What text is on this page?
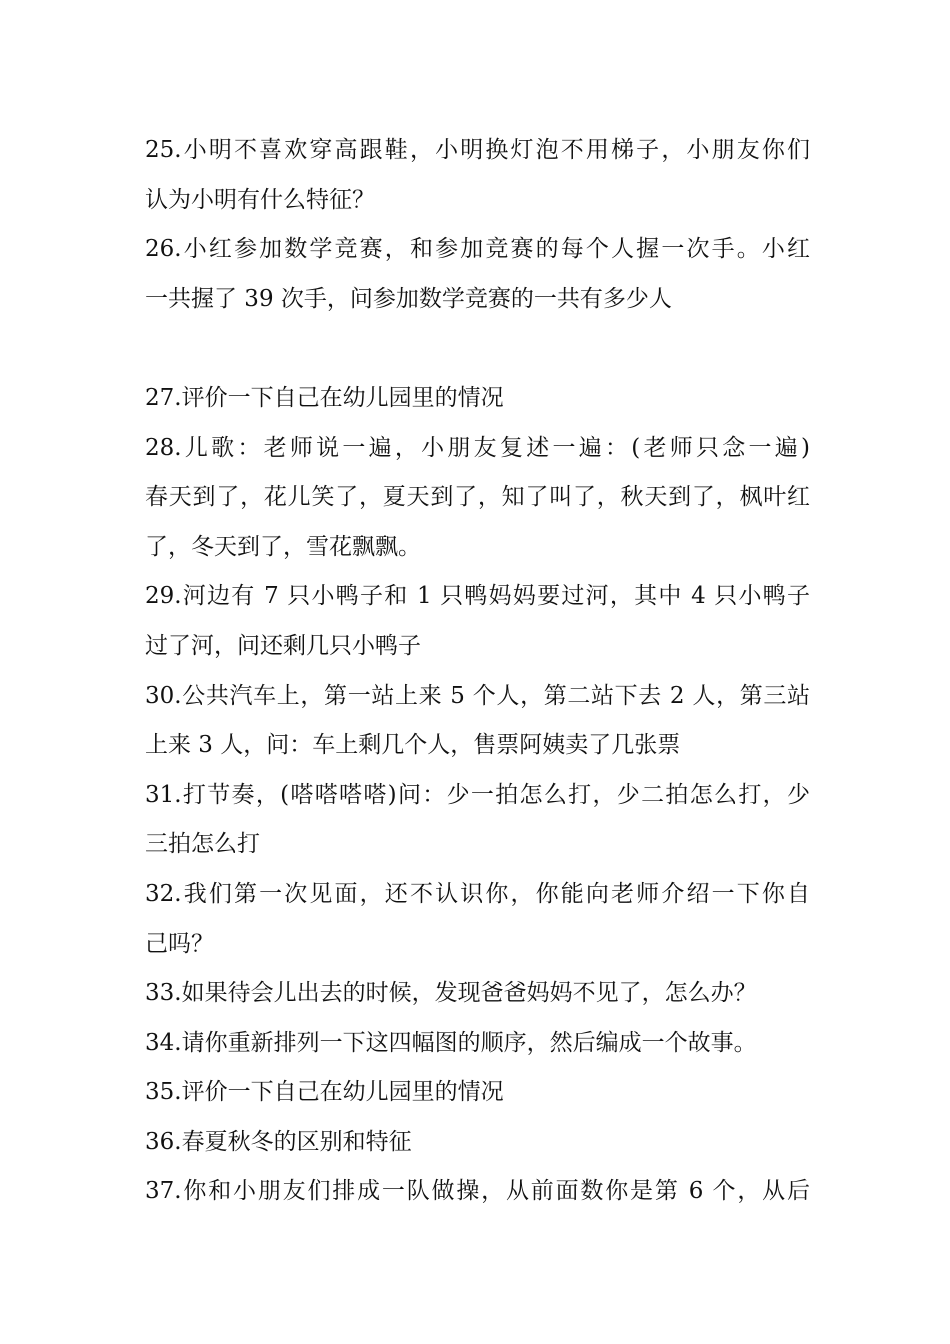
25.小明不喜欢穿高跟鞋，小明换灯泡不用梯子，小朋友你们
认为小明有什么特征？
26.小红参加数学竞赛，和参加竞赛的每个人握一次手。小红
一共握了 39 次手，问参加数学竞赛的一共有多少人
27.评价一下自己在幼儿园里的情况
28.儿歌：老师说一遍，小朋友复述一遍：(老师只念一遍)
春天到了，花儿笑了，夏天到了，知了叫了，秋天到了，枫叶红
了，冬天到了，雪花飘飘。
29.河边有 7 只小鸭子和 1 只鸭妈妈要过河，其中 4 只小鸭子
过了河，问还剩几只小鸭子
30.公共汽车上，第一站上来 5 个人，第二站下去 2 人，第三站
上来 3 人，问：车上剩几个人，售票阿姨卖了几张票
31.打节奏，(嗒嗒嗒嗒)问：少一拍怎么打，少二拍怎么打，少
三拍怎么打
32.我们第一次见面，还不认识你，你能向老师介绍一下你自
己吗？
33.如果待会儿出去的时候，发现爸爸妈妈不见了，怎么办？
34.请你重新排列一下这四幅图的顺序，然后编成一个故事。
35.评价一下自己在幼儿园里的情况
36.春夏秋冬的区别和特征
37.你和小朋友们排成一队做操，从前面数你是第 6 个，从后
